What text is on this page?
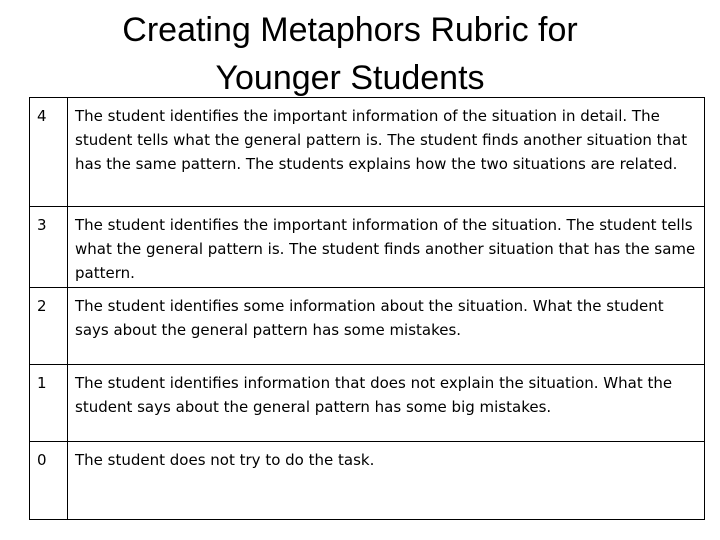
Creating Metaphors Rubric for
Younger Students
4	The student identifies the important information of the situation in detail. The student tells what the general pattern is. The student finds another situation that has the same pattern. The students explains how the two situations are related.
3	The student identifies the important information of the situation. The student tells what the general pattern is. The student finds another situation that has the same pattern.
2	The student identifies some information about the situation. What the student says about the general pattern has some mistakes.
1	The student identifies information that does not explain the situation. What the student says about the general pattern has some big mistakes.
0	The student does not try to do the task.
